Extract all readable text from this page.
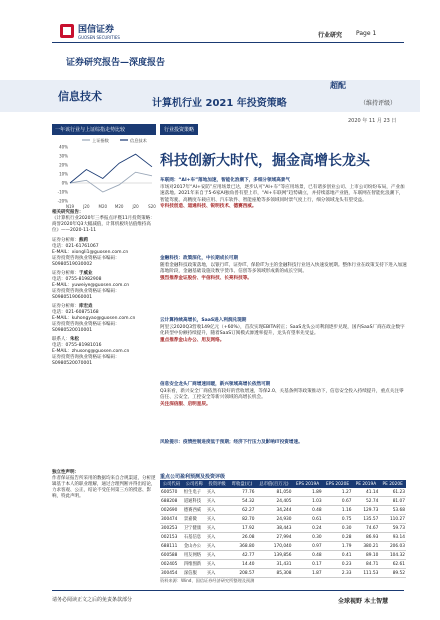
国信证券
GUOSEN SECURITIES	行业研究 Page 1
证券研究报告—深度报告
信息技术
计算机行业 2021 年投资策略
超配
（维持评级）
2020 年 11 月 23 日
一年该行业与上证综指走势比较
上证指数	信息技术
40%
30%
20%
10%
0%
-10%
-20%
N19 J20 M20 M20 J20 S20
相关研究报告：
《计算机行业2020年三季报点评暨11月投资策略：商誉2020年Q3大幅减值，计算机板块估值维持高位》——2020-11-11
证券分析师：熊莉
电话：021-61761067
E-MAIL：xiongli1@guosen.com.cn
证券投资咨询执业资格证书编码：S0980519030002
证券分析师：于威业
电话：0755-81982908
E-MAIL：yuweiye@guosen.com.cn
证券投资咨询执业资格证书编码：S0980519060001
证券分析师：库宏垚
电话：021-60875168
E-MAIL：kuhongyao@guosen.com.cn
证券投资咨询执业资格证书编码：S0980520010001
联系人：朱松
电话：0755-81981016
E-MAIL：zhusong@guosen.com.cn
证券投资咨询执业资格证书编码：S0980520070001
独立性声明：
作者保证报告所采用的数据均来自合规渠道，分析逻辑基于本人的职业理解，通过合理判断并得出结论，力求客观、公正，结论不受任何第三方的授意、影响，特此声明。
行业投资策略
科技创新大时代，掘金高增长龙头
车联网：“AI+车”落地加速，智能化浪潮下，多细分领域高景气
市场对2017年“AI+安防”应用场景已达，逐步认可“AI+车”等应用场景，已有诸多创业公司、上市公司纷纷布局，产业加速落地。2021年来自于5-6家AI独角兽有望上市，“AI+车联网”趋势确立，并持续落地产业链，车联网在智能化浪潮下，智能驾驶、高精度车载应用、汽车软件、智能座舱等多领域同时景气度上行，细分领域龙头有望受益。
专科技创造、道通科技、锐明技术、德赛西威。
金融科技：政策深化，中长期成长可期
随着金融科技政策落地，以银行IT、证券IT、保险IT为主的金融科技行业进入快速发展期。整体行业在政策支持下进入加速落地阶段，金融基础设施及数字货币、信创等多领域形成新的成长空间。
强烈推荐金证股份、宇信科技、长亮科技等。
云计算持续高增长，SaaS进入利润兑现期
阿里云2020Q3营收149亿元（+60%），首次实现EBITA转正；SaaS龙头公司利润逐步兑现，国内SaaS厂商在政企数字化转型中份额持续提升，随着SaaS订阅模式渗透率提升，龙头有望率先受益。
重点推荐金山办公、用友网络。
信息安全龙头厂商增速回暖，新兴领域高增长依然可期
Q3来看，新兴安全厂商依然有较好的营收增速，等保2.0、关基条例等政策推动下，信息安全投入持续提升，重点关注零信任、云安全、工控安全等新兴领域的高增长机会。
关注深信服、启明星辰。
风险提示：疫情控制进度低于预期；经济下行压力及影响IT投资增速。
重点公司盈利预测及投资评级
公司代码	公司名称	投资评级	昨收盘(元)	总市值(百万元)	EPS 2019A	EPS 2020E	PE 2019A	PE 2020E
600570	恒生电子	买入	77.76	81,050	1.89	1.27	41.14	61.23
688208	道通科技	买入	54.32	24,405	1.03	0.67	52.74	81.07
002690	德赛西威	买入	62.27	34,244	0.48	1.16	129.73	53.68
300474	景嘉微	买入	82.70	24,930	0.61	0.75	135.57	110.27
300253	卫宁健康	买入	17.92	38,443	0.24	0.30	74.67	59.73
002153	石基信息	买入	26.08	27,994	0.30	0.28	86.93	93.14
688111	金山办公	买入	368.80	170,040	0.97	1.79	380.21	206.03
600588	用友网络	买入	42.77	139,856	0.48	0.41	89.10	104.32
002405	四维图新	买入	14.40	31,431	0.17	0.23	84.71	62.61
300454	深信服	买入	208.57	85,308	1.87	2.33	111.53	89.52
资料来源：Wind、国信证券经济研究所整理及预测
请务必阅读正文之后的免责条款部分	全球视野 本土智慧
